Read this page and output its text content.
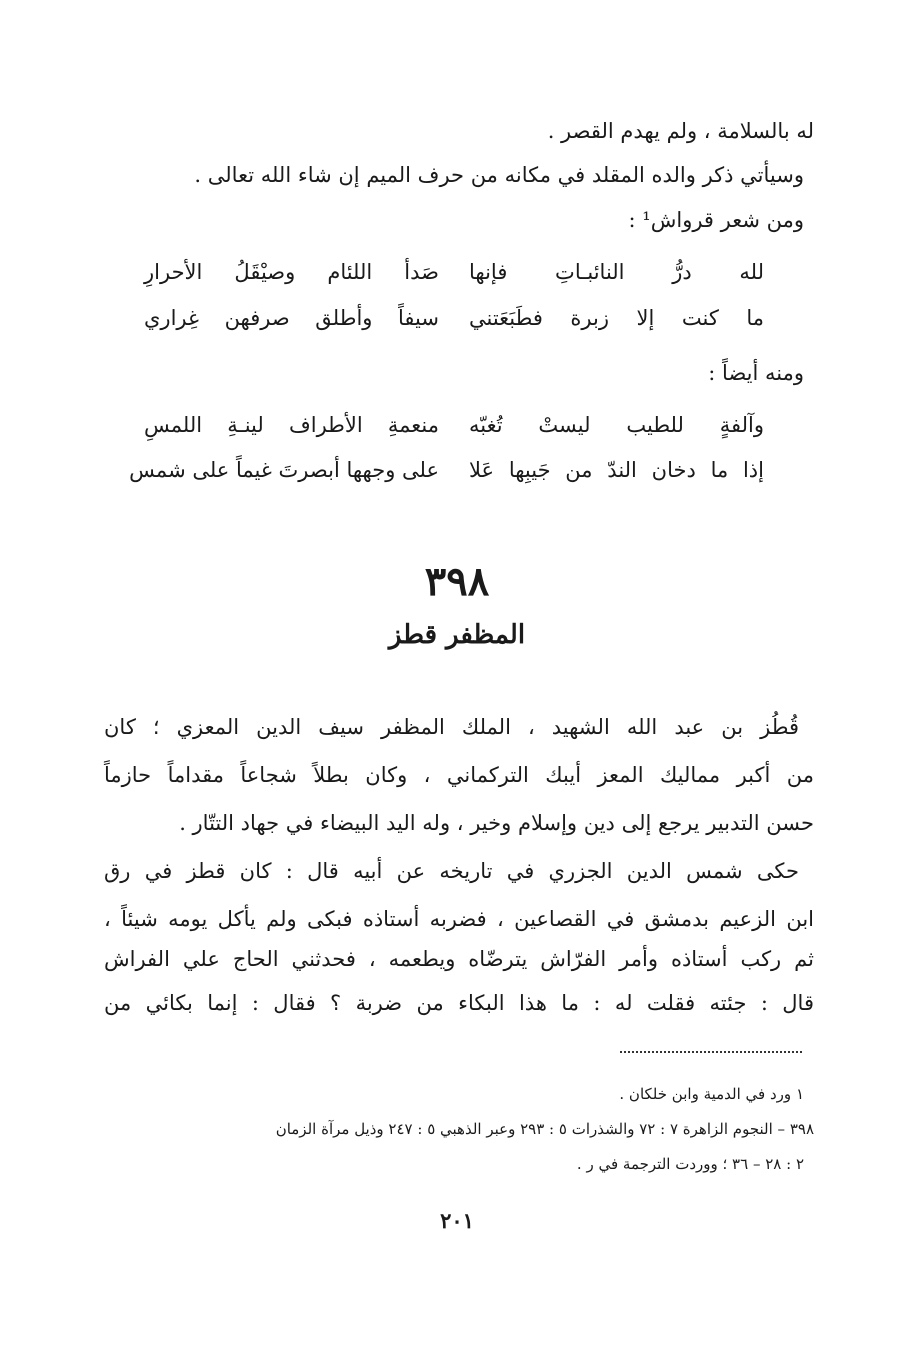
له بالسلامة ، ولم يهدم القصر .
وسيأتي ذكر والده المقلد في مكانه من حرف الميم إن شاء الله تعالى .
ومن شعر قرواش¹ :
لله درُّ النائبـاتِ فإنها
صَدأ اللئام وصيْقَلُ الأحرارِ
ما كنت إلا زبرة فطَبَعَتني
سيفاً وأطلق صرفهن غِراري
ومنه أيضاً :
وآلفةٍ للطيب ليستْ تُغبّه
منعمةِ الأطراف لينـةِ اللمسِ
إذا ما دخان الندّ من جَيبِها عَلا
على وجهها أبصرتَ غيماً على شمس
٣٩٨
المظفر قطز
قُطُز بن عبد الله الشهيد ، الملك المظفر سيف الدين المعزي ؛ كان
من أكبر مماليك المعز أيبك التركماني ، وكان بطلاً شجاعاً مقداماً حازماً
حسن التدبير يرجع إلى دين وإسلام وخير ، وله اليد البيضاء في جهاد التتّار .
حكى شمس الدين الجزري في تاريخه عن أبيه قال : كان قطز في رق
ابن الزعيم بدمشق في القصاعين ، فضربه أستاذه فبكى ولم يأكل يومه شيئاً ،
ثم ركب أستاذه وأمر الفرّاش يترضّاه ويطعمه ، فحدثني الحاج علي الفراش
قال : جئته فقلت له : ما هذا البكاء من ضربة ؟ فقال : إنما بكائي من
١ ورد في الدمية وابن خلكان .
٣٩٨ – النجوم الزاهرة ٧ : ٧٢ والشذرات ٥ : ٢٩٣ وعبر الذهبي ٥ : ٢٤٧ وذيل مرآة الزمان
٢ : ٢٨ – ٣٦ ؛ ووردت الترجمة في ر .
٢٠١
